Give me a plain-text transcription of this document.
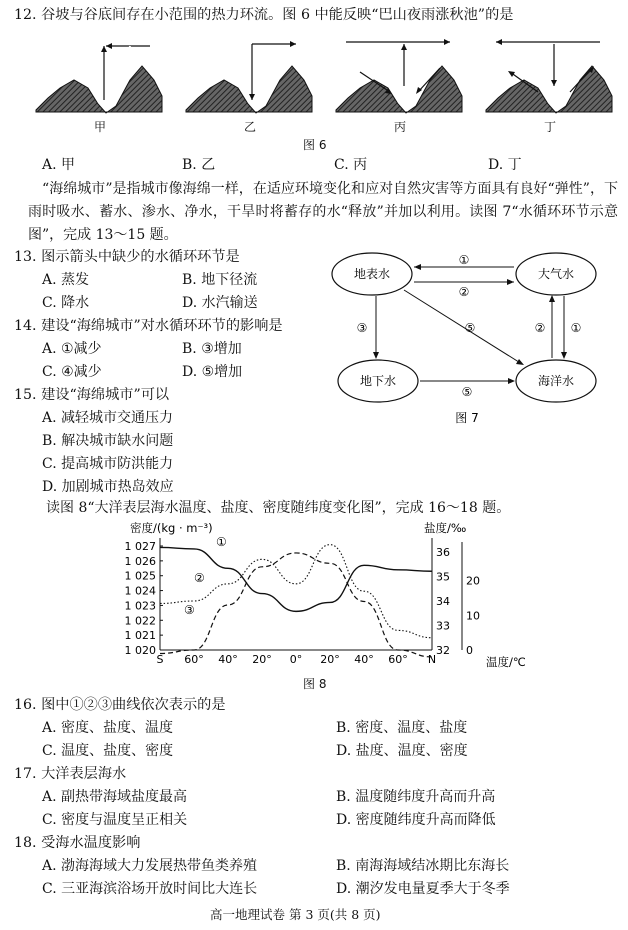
12. 谷坡与谷底间存在小范围的热力环流。图 6 中能反映“巴山夜雨涨秋池”的是
甲	乙	丙	丁
图 6
A. 甲	B. 乙	C. 丙	D. 丁
“海绵城市”是指城市像海绵一样，在适应环境变化和应对自然灾害等方面具有良好“弹性”，下雨时吸水、蓄水、渗水、净水，干旱时将蓄存的水“释放”并加以利用。读图 7“水循环环节示意图”，完成 13～15 题。
13. 图示箭头中缺少的水循环环节是
A. 蒸发	B. 地下径流
C. 降水	D. 水汽输送
14. 建设“海绵城市”对水循环环节的影响是
A. ①减少	B. ③增加
C. ④减少	D. ⑤增加
15. 建设“海绵城市”可以
A. 减轻城市交通压力
B. 解决城市缺水问题
C. 提高城市防洪能力
D. 加剧城市热岛效应
地表水	大气水
地下水	海洋水
①
②
③
⑤
⑤	② ①
图 7
读图 8“大洋表层海水温度、盐度、密度随纬度变化图”，完成 16～18 题。
密度/(kg · m⁻³)	盐度/‰
温度/℃
1 027
1 026
1 025
1 024
1 023
1 022
1 021
1 020
36
35
34
33
32
20
10
0
S 60° 40° 20° 0° 20° 40° 60° N
①
②
③
图 8
16. 图中①②③曲线依次表示的是
A. 密度、盐度、温度	B. 密度、温度、盐度
C. 温度、盐度、密度	D. 盐度、温度、密度
17. 大洋表层海水
A. 副热带海域盐度最高	B. 温度随纬度升高而升高
C. 密度与温度呈正相关	D. 密度随纬度升高而降低
18. 受海水温度影响
A. 渤海海域大力发展热带鱼类养殖	B. 南海海域结冰期比东海长
C. 三亚海滨浴场开放时间比大连长	D. 潮汐发电量夏季大于冬季
高一地理试卷 第 3 页(共 8 页)
